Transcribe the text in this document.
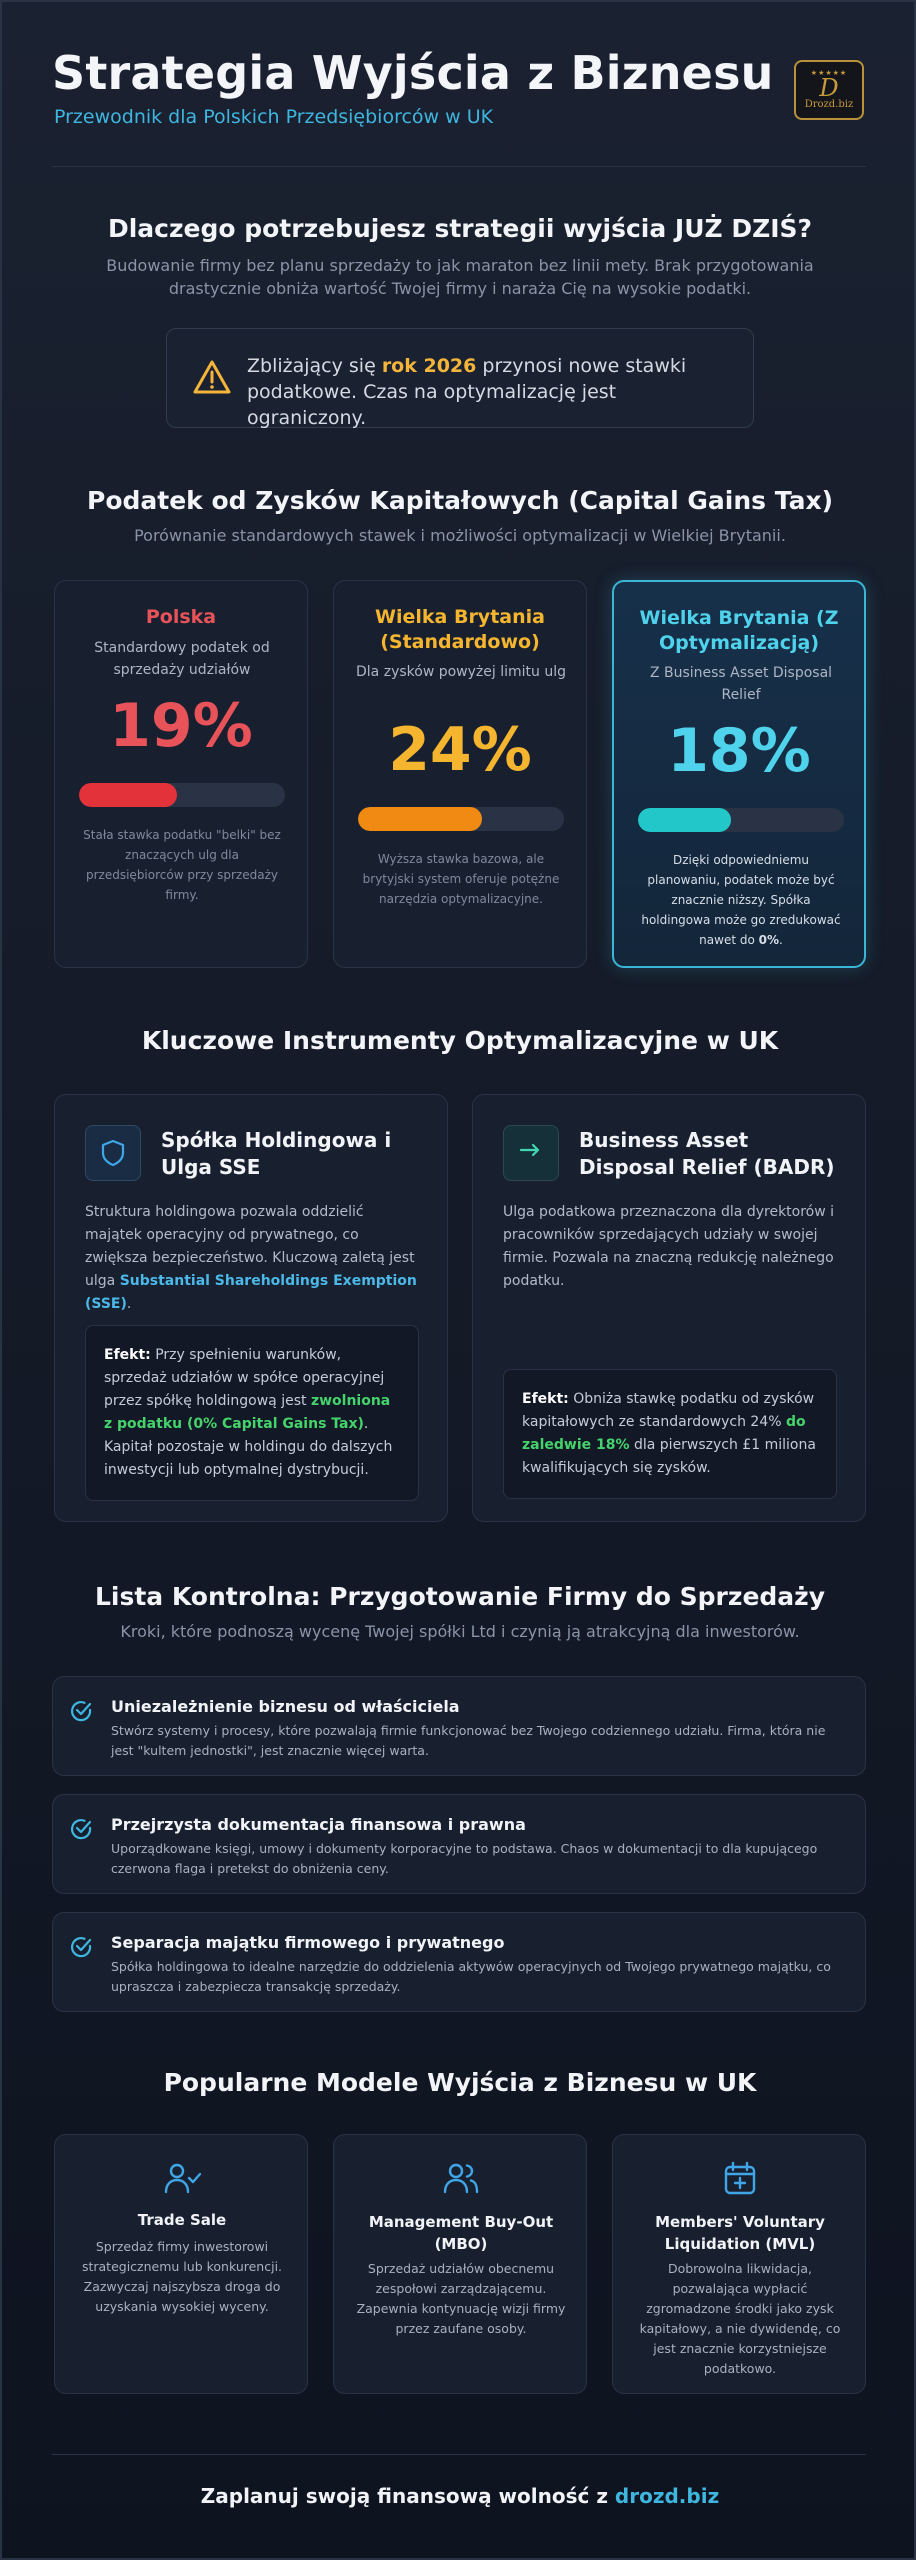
Strategia Wyjścia z Biznesu
Przewodnik dla Polskich Przedsiębiorców w UK
★★★★★
D
Drozd.biz
Dlaczego potrzebujesz strategii wyjścia JUŻ DZIŚ?
Budowanie firmy bez planu sprzedaży to jak maraton bez linii mety. Brak przygotowania drastycznie obniża wartość Twojej firmy i naraża Cię na wysokie podatki.
Zbliżający się rok 2026 przynosi nowe stawki podatkowe. Czas na optymalizację jest ograniczony.
Podatek od Zysków Kapitałowych (Capital Gains Tax)
Porównanie standardowych stawek i możliwości optymalizacji w Wielkiej Brytanii.
Polska
Standardowy podatek od sprzedaży udziałów
19%
Stała stawka podatku "belki" bez znaczących ulg dla przedsiębiorców przy sprzedaży firmy.
Wielka Brytania (Standardowo)
Dla zysków powyżej limitu ulg
24%
Wyższa stawka bazowa, ale brytyjski system oferuje potężne narzędzia optymalizacyjne.
Wielka Brytania (Z Optymalizacją)
Z Business Asset Disposal Relief
18%
Dzięki odpowiedniemu planowaniu, podatek może być znacznie niższy. Spółka holdingowa może go zredukować nawet do 0%.
Kluczowe Instrumenty Optymalizacyjne w UK
Spółka Holdingowa i Ulga SSE
Struktura holdingowa pozwala oddzielić majątek operacyjny od prywatnego, co zwiększa bezpieczeństwo. Kluczową zaletą jest ulga Substantial Shareholdings Exemption (SSE).
Efekt: Przy spełnieniu warunków, sprzedaż udziałów w spółce operacyjnej przez spółkę holdingową jest zwolniona z podatku (0% Capital Gains Tax). Kapitał pozostaje w holdingu do dalszych inwestycji lub optymalnej dystrybucji.
Business Asset Disposal Relief (BADR)
Ulga podatkowa przeznaczona dla dyrektorów i pracowników sprzedających udziały w swojej firmie. Pozwala na znaczną redukcję należnego podatku.
Efekt: Obniża stawkę podatku od zysków kapitałowych ze standardowych 24% do zaledwie 18% dla pierwszych £1 miliona kwalifikujących się zysków.
Lista Kontrolna: Przygotowanie Firmy do Sprzedaży
Kroki, które podnoszą wycenę Twojej spółki Ltd i czynią ją atrakcyjną dla inwestorów.
Uniezależnienie biznesu od właściciela
Stwórz systemy i procesy, które pozwalają firmie funkcjonować bez Twojego codziennego udziału. Firma, która nie jest "kultem jednostki", jest znacznie więcej warta.
Przejrzysta dokumentacja finansowa i prawna
Uporządkowane księgi, umowy i dokumenty korporacyjne to podstawa. Chaos w dokumentacji to dla kupującego czerwona flaga i pretekst do obniżenia ceny.
Separacja majątku firmowego i prywatnego
Spółka holdingowa to idealne narzędzie do oddzielenia aktywów operacyjnych od Twojego prywatnego majątku, co upraszcza i zabezpiecza transakcję sprzedaży.
Popularne Modele Wyjścia z Biznesu w UK
Trade Sale
Sprzedaż firmy inwestorowi strategicznemu lub konkurencji. Zazwyczaj najszybsza droga do uzyskania wysokiej wyceny.
Management Buy-Out (MBO)
Sprzedaż udziałów obecnemu zespołowi zarządzającemu. Zapewnia kontynuację wizji firmy przez zaufane osoby.
Members' Voluntary Liquidation (MVL)
Dobrowolna likwidacja, pozwalająca wypłacić zgromadzone środki jako zysk kapitałowy, a nie dywidendę, co jest znacznie korzystniejsze podatkowo.
Zaplanuj swoją finansową wolność z drozd.biz
